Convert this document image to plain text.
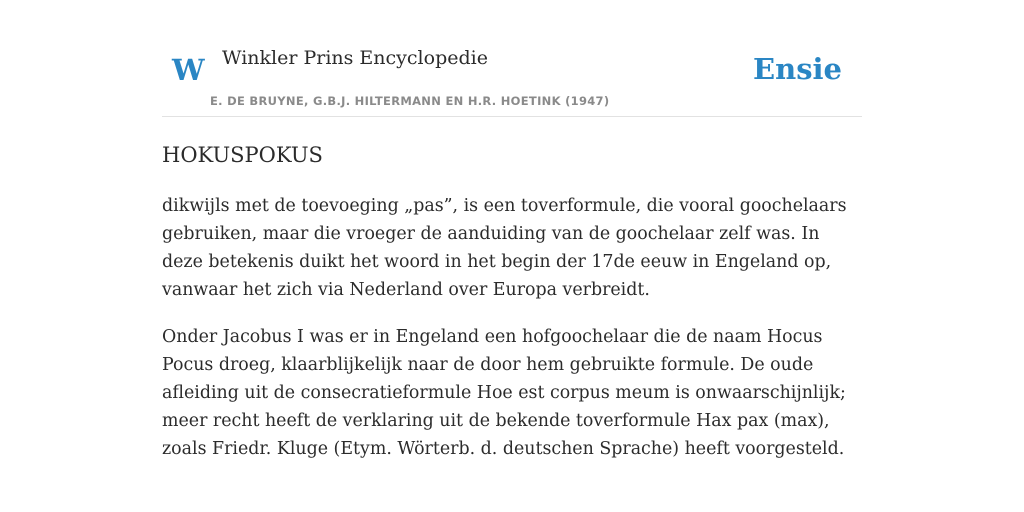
W Winkler Prins Encyclopedie
E. DE BRUYNE, G.B.J. HILTERMANN EN H.R. HOETINK (1947)
Ensie
HOKUSPOKUS

dikwijls met de toevoeging „pas”, is een toverformule, die vooral goochelaars gebruiken, maar die vroeger de aanduiding van de goochelaar zelf was. In deze betekenis duikt het woord in het begin der 17de eeuw in Engeland op, vanwaar het zich via Nederland over Europa verbreidt.

Onder Jacobus I was er in Engeland een hofgoochelaar die de naam Hocus Pocus droeg, klaarblijkelijk naar de door hem gebruikte formule. De oude afleiding uit de consecratieformule Hoe est corpus meum is onwaarschijnlijk; meer recht heeft de verklaring uit de bekende toverformule Hax pax (max), zoals Friedr. Kluge (Etym. Wörterb. d. deutschen Sprache) heeft voorgesteld.
